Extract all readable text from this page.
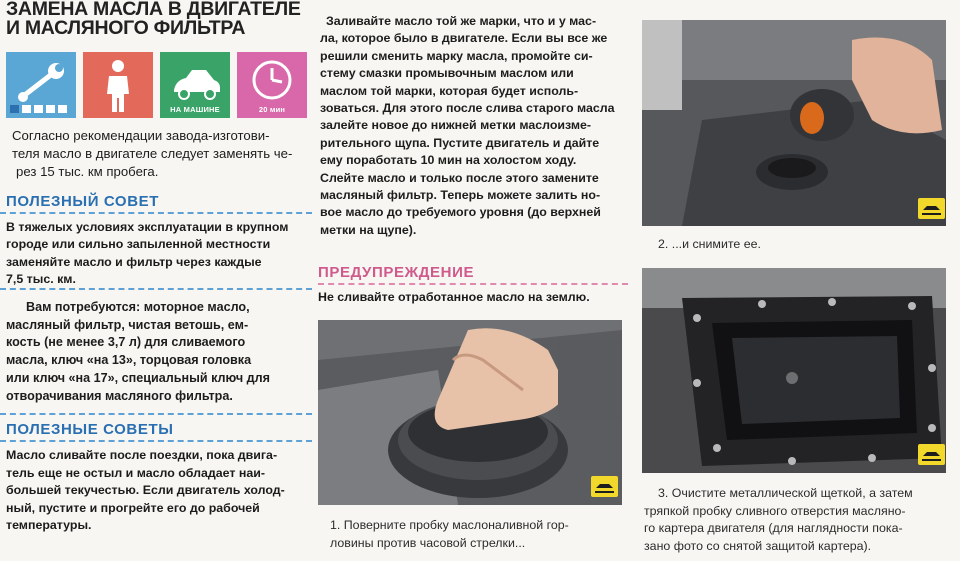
ЗАМЕНА МАСЛА В ДВИГАТЕЛЕ
И МАСЛЯНОГО ФИЛЬТРА
НА МАШИНЕ	20 мин
Согласно рекомендации завода-изготови-
теля масло в двигателе следует заменять че-
рез 15 тыс. км пробега.
ПОЛЕЗНЫЙ СОВЕТ
В тяжелых условиях эксплуатации в крупном
городе или сильно запыленной местности
заменяйте масло и фильтр через каждые
7,5 тыс. км.
Вам потребуются: моторное масло,
масляный фильтр, чистая ветошь, ем-
кость (не менее 3,7 л) для сливаемого
масла, ключ «на 13», торцовая головка
или ключ «на 17», специальный ключ для
отворачивания масляного фильтра.
ПОЛЕЗНЫЕ СОВЕТЫ
Масло сливайте после поездки, пока двига-
тель еще не остыл и масло обладает наи-
большей текучестью. Если двигатель холод-
ный, пустите и прогрейте его до рабочей
температуры.
Заливайте масло той же марки, что и у мас-
ла, которое было в двигателе. Если вы все же
решили сменить марку масла, промойте си-
стему смазки промывочным маслом или
маслом той марки, которая будет исполь-
зоваться. Для этого после слива старого масла
залейте новое до нижней метки маслоизме-
рительного щупа. Пустите двигатель и дайте
ему поработать 10 мин на холостом ходу.
Слейте масло и только после этого замените
масляный фильтр. Теперь можете залить но-
вое масло до требуемого уровня (до верхней
метки на щупе).
ПРЕДУПРЕЖДЕНИЕ
Не сливайте отработанное масло на землю.
1. Поверните пробку маслоналивной гор-
ловины против часовой стрелки...
2. ...и снимите ее.
3. Очистите металлической щеткой, а затем
тряпкой пробку сливного отверстия масляно-
го картера двигателя (для наглядности пока-
зано фото со снятой защитой картера).
